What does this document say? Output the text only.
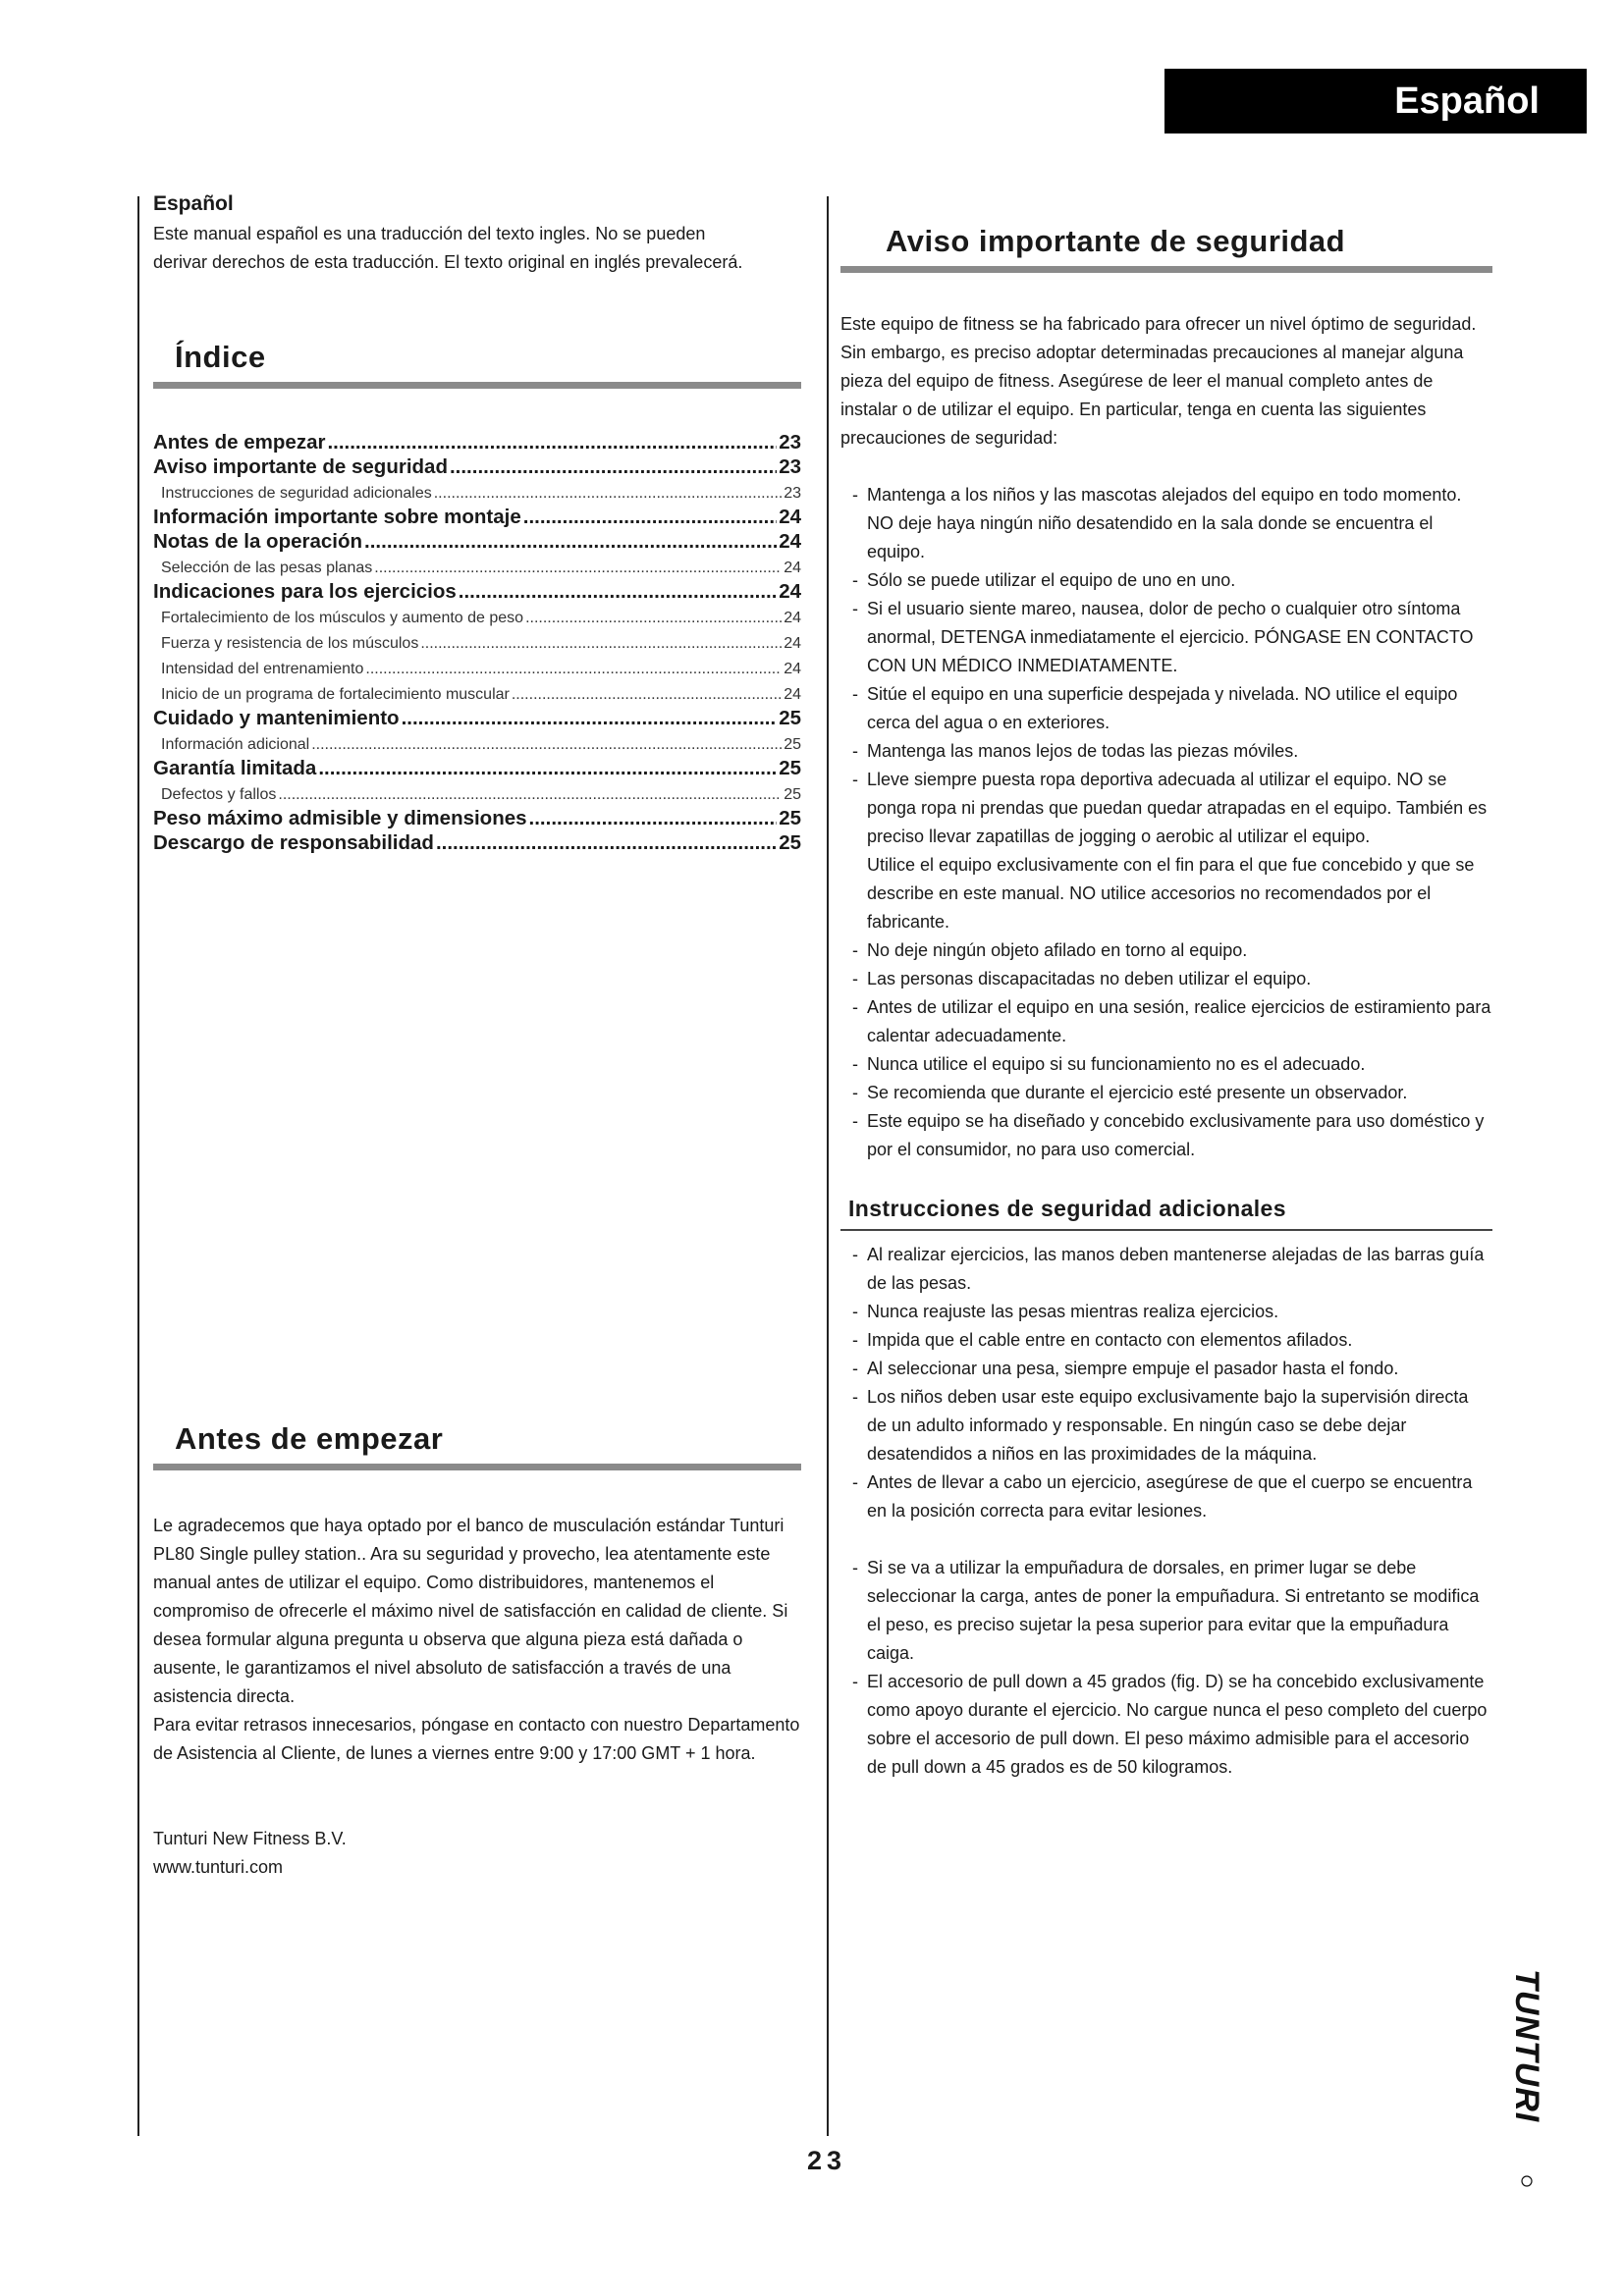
Español
Español

Este manual español es una traducción del texto ingles. No se pueden derivar derechos de esta traducción. El texto original en inglés prevalecerá.

Índice
Antes de empezar .....	23
Aviso importante de seguridad .....	23
Instrucciones de seguridad adicionales .....	23
Información importante sobre montaje .....	24
Notas de la operación .....	24
Selección de las pesas planas .....	24
Indicaciones para los ejercicios .....	24
Fortalecimiento de los músculos y aumento de peso .....	24
Fuerza y resistencia de los músculos .....	24
Intensidad del entrenamiento .....	24
Inicio de un programa de fortalecimiento muscular .....	24
Cuidado y mantenimiento .....	25
Información adicional .....	25
Garantía limitada .....	25
Defectos y fallos .....	25
Peso máximo admisible y dimensiones .....	25
Descargo de responsabilidad .....	25
Antes de empezar

Le agradecemos que haya optado por el banco de musculación estándar Tunturi PL80 Single pulley station.. Ara su seguridad y provecho, lea atentamente este manual antes de utilizar el equipo. Como distribuidores, mantenemos el compromiso de ofrecerle el máximo nivel de satisfacción en calidad de cliente. Si desea formular alguna pregunta u observa que alguna pieza está dañada o ausente, le garantizamos el nivel absoluto de satisfacción a través de una asistencia directa.

Para evitar retrasos innecesarios, póngase en contacto con nuestro Departamento de Asistencia al Cliente, de lunes a viernes entre 9:00 y 17:00 GMT + 1 hora.

Tunturi New Fitness B.V.

www.tunturi.com

Aviso importante de seguridad

Este equipo de fitness se ha fabricado para ofrecer un nivel óptimo de seguridad. Sin embargo, es preciso adoptar determinadas precauciones al manejar alguna pieza del equipo de fitness. Asegúrese de leer el manual completo antes de instalar o de utilizar el equipo. En particular, tenga en cuenta las siguientes precauciones de seguridad:

- Mantenga a los niños y las mascotas alejados del equipo en todo momento. NO deje haya ningún niño desatendido en la sala donde se encuentra el equipo.
- Sólo se puede utilizar el equipo de uno en uno.
- Si el usuario siente mareo, nausea, dolor de pecho o cualquier otro síntoma anormal, DETENGA inmediatamente el ejercicio. PÓNGASE EN CONTACTO CON UN MÉDICO INMEDIATAMENTE.
- Sitúe el equipo en una superficie despejada y nivelada. NO utilice el equipo cerca del agua o en exteriores.
- Mantenga las manos lejos de todas las piezas móviles.
- Lleve siempre puesta ropa deportiva adecuada al utilizar el equipo. NO se ponga ropa ni prendas que puedan quedar atrapadas en el equipo. También es preciso llevar zapatillas de jogging o aerobic al utilizar el equipo.
Utilice el equipo exclusivamente con el fin para el que fue concebido y que se describe en este manual. NO utilice accesorios no recomendados por el fabricante.
- No deje ningún objeto afilado en torno al equipo.
- Las personas discapacitadas no deben utilizar el equipo.
- Antes de utilizar el equipo en una sesión, realice ejercicios de estiramiento para calentar adecuadamente.
- Nunca utilice el equipo si su funcionamiento no es el adecuado.
- Se recomienda que durante el ejercicio esté presente un observador.
- Este equipo se ha diseñado y concebido exclusivamente para uso doméstico y por el consumidor, no para uso comercial.
Instrucciones de seguridad adicionales
- Al realizar ejercicios, las manos deben mantenerse alejadas de las barras guía de las pesas.
- Nunca reajuste las pesas mientras realiza ejercicios.
- Impida que el cable entre en contacto con elementos afilados.
- Al seleccionar una pesa, siempre empuje el pasador hasta el fondo.
- Los niños deben usar este equipo exclusivamente bajo la supervisión directa de un adulto informado y responsable. En ningún caso se debe dejar desatendidos a niños en las proximidades de la máquina.
- Antes de llevar a cabo un ejercicio, asegúrese de que el cuerpo se encuentra en la posición correcta para evitar lesiones.
- Si se va a utilizar la empuñadura de dorsales, en primer lugar se debe seleccionar la carga, antes de poner la empuñadura. Si entretanto se modifica el peso, es preciso sujetar la pesa superior para evitar que la empuñadura caiga.
- El accesorio de pull down a 45 grados (fig. D) se ha concebido exclusivamente como apoyo durante el ejercicio. No cargue nunca el peso completo del cuerpo sobre el accesorio de pull down. El peso máximo admisible para el accesorio de pull down a 45 grados es de 50 kilogramos.
23
TUNTURI
